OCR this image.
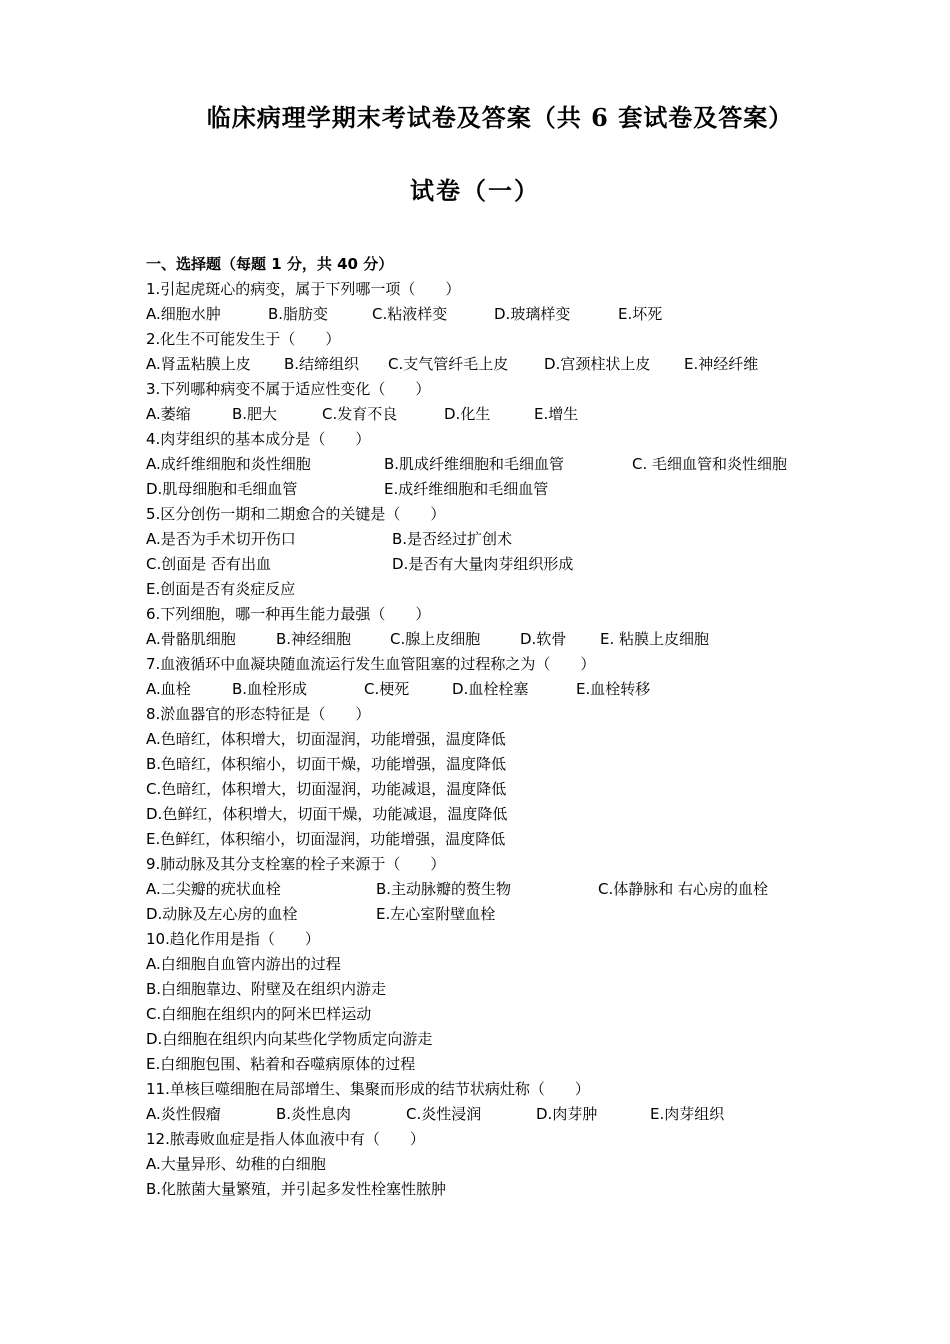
临床病理学期末考试卷及答案（共 6 套试卷及答案）
试卷（一）
一、选择题（每题 1 分，共 40 分）
1.引起虎斑心的病变，属于下列哪一项（　　）
A.细胞水肿	B.脂肪变	C.粘液样变	D.玻璃样变	E.坏死
2.化生不可能发生于（　　）
A.肾盂粘膜上皮 B.结缔组织 C.支气管纤毛上皮 D.宫颈柱状上皮 E.神经纤维
3.下列哪种病变不属于适应性变化（　　）
A.萎缩	B.肥大	C.发育不良	D.化生	E.增生
4.肉芽组织的基本成分是（　　）
A.成纤维细胞和炎性细胞	B.肌成纤维细胞和毛细血管	C. 毛细血管和炎性细胞
D.肌母细胞和毛细血管	E.成纤维细胞和毛细血管
5.区分创伤一期和二期愈合的关键是（　　）
A.是否为手术切开伤口	B.是否经过扩创术
C.创面是 否有出血	D.是否有大量肉芽组织形成
E.创面是否有炎症反应
6.下列细胞，哪一种再生能力最强（　　）
A.骨骼肌细胞	B.神经细胞	C.腺上皮细胞	D.软骨 E. 粘膜上皮细胞
7.血液循环中血凝块随血流运行发生血管阻塞的过程称之为（　　）
A.血栓	B.血栓形成	C.梗死	D.血栓栓塞	E.血栓转移
8.淤血器官的形态特征是（　　）
A.色暗红，体积增大，切面湿润，功能增强，温度降低
B.色暗红，体积缩小，切面干燥，功能增强，温度降低
C.色暗红，体积增大，切面湿润，功能减退，温度降低
D.色鲜红，体积增大，切面干燥，功能减退，温度降低
E.色鲜红，体积缩小，切面湿润，功能增强，温度降低
9.肺动脉及其分支栓塞的栓子来源于（　　）
A.二尖瓣的疣状血栓	B.主动脉瓣的赘生物	C.体静脉和 右心房的血栓
D.动脉及左心房的血栓	E.左心室附壁血栓
10.趋化作用是指（　　）
A.白细胞自血管内游出的过程
B.白细胞靠边、附壁及在组织内游走
C.白细胞在组织内的阿米巴样运动
D.白细胞在组织内向某些化学物质定向游走
E.白细胞包围、粘着和吞噬病原体的过程
11.单核巨噬细胞在局部增生、集聚而形成的结节状病灶称（　　）
A.炎性假瘤	B.炎性息肉	C.炎性浸润	D.肉芽肿	E.肉芽组织
12.脓毒败血症是指人体血液中有（　　）
A.大量异形、幼稚的白细胞
B.化脓菌大量繁殖，并引起多发性栓塞性脓肿
